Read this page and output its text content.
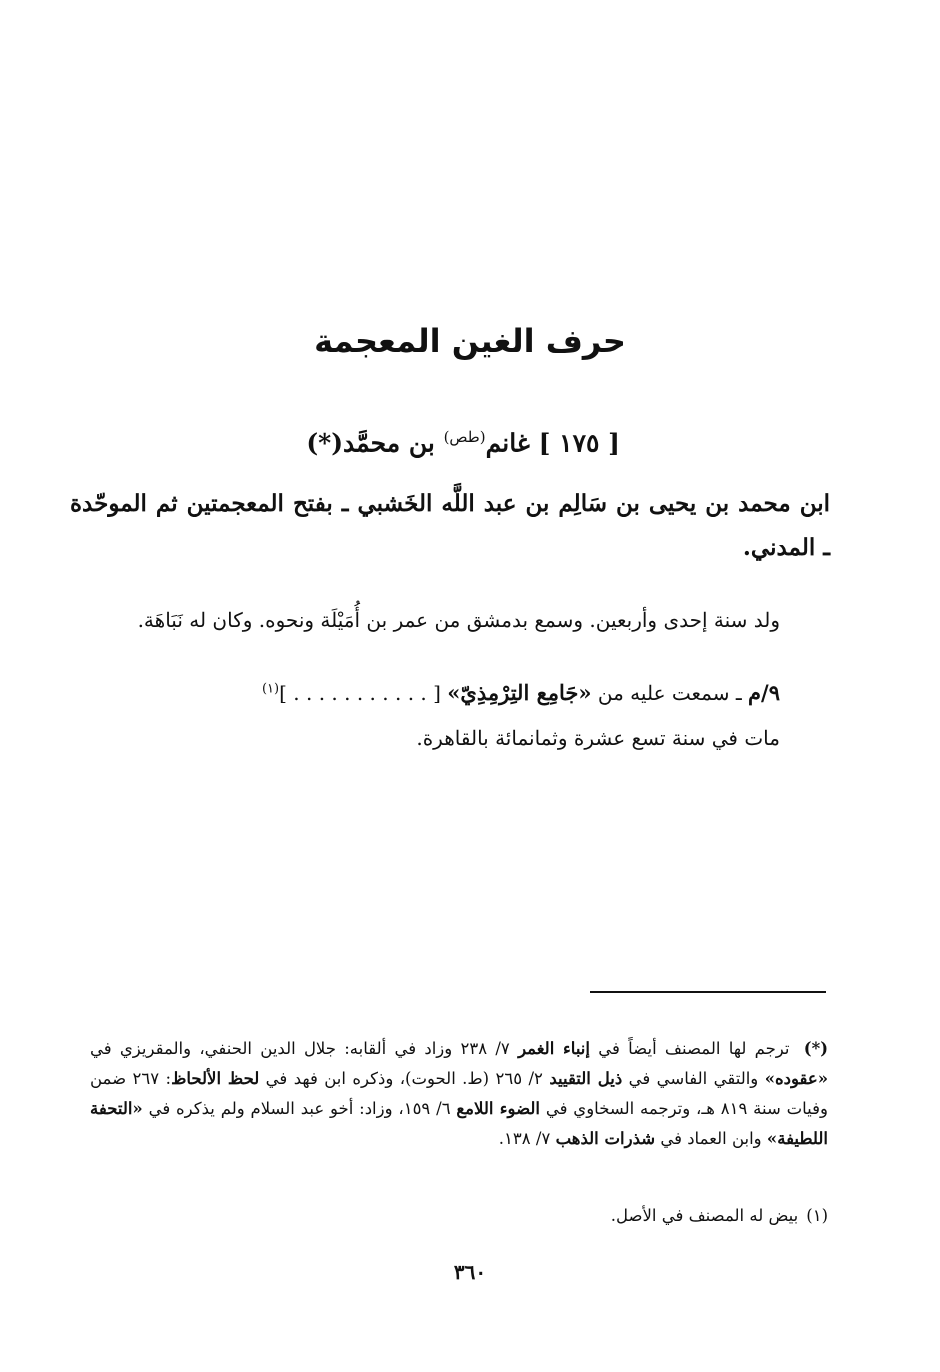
حرف الغين المعجمة
[ ١٧٥ ] غانم$^{(طص)}$ بن محمَّد(*)
ابن محمد بن يحيى بن سَالِم بن عبد اللَّه الخَشبي ـ بفتح المعجمتين ثم الموحّدة ـ المدني.
ولد سنة إحدى وأربعين. وسمع بدمشق من عمر بن أُمَيْلَة ونحوه. وكان له نَبَاهَة.
٩/م ـ سمعت عليه من «جَامِع التِرْمِذِيّ» [ . . . . . . . . . . . ]$^{(١)}$
مات في سنة تسع عشرة وثمانمائة بالقاهرة.
(*) ترجم لها المصنف أيضاً في إنباء الغمر ٧/ ٢٣٨ وزاد في ألقابه: جلال الدين الحنفي، والمقريزي في «عقوده» والتقي الفاسي في ذيل التقييد ٢/ ٢٦٥ (ط. الحوت)، وذكره ابن فهد في لحظ الألحاظ: ٢٦٧ ضمن وفيات سنة ٨١٩ هـ، وترجمه السخاوي في الضوء اللامع ٦/ ١٥٩، وزاد: أخو عبد السلام ولم يذكره في «التحفة اللطيفة» وابن العماد في شذرات الذهب ٧/ ١٣٨.
(١)بيض له المصنف في الأصل.
٣٦٠
